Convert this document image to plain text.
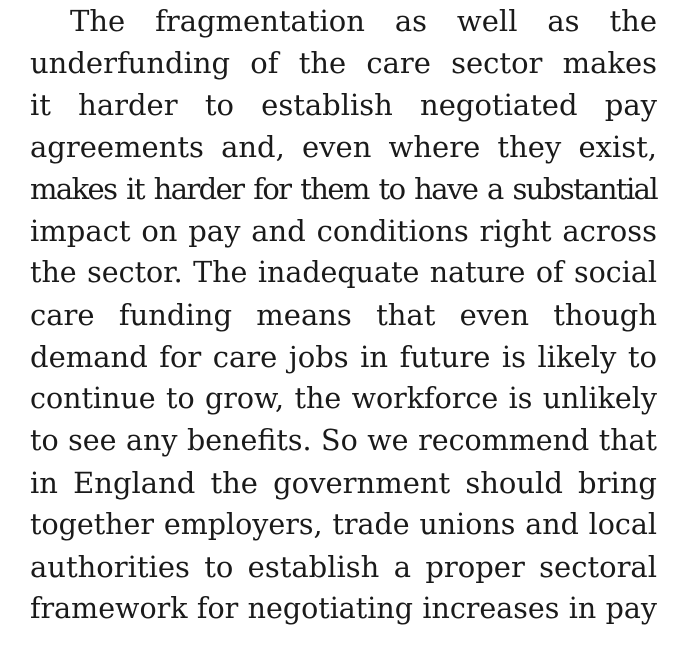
The fragmentation as well as the
underfunding of the care sector makes
it harder to establish negotiated pay
agreements and, even where they exist,
makes it harder for them to have a substantial
impact on pay and conditions right across
the sector. The inadequate nature of social
care funding means that even though
demand for care jobs in future is likely to
continue to grow, the workforce is unlikely
to see any benefits. So we recommend that
in England the government should bring
together employers, trade unions and local
authorities to establish a proper sectoral
framework for negotiating increases in pay
